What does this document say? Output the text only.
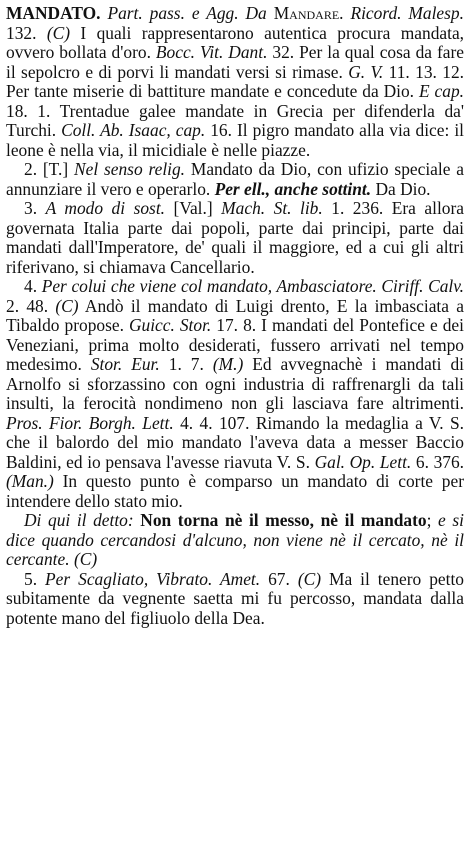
MANDATO. Part. pass. e Agg. Da Mandare. Ricord. Malesp. 132. (C) I quali rappresentarono autentica procura mandata, ovvero bollata d'oro. Bocc. Vit. Dant. 32. Per la qual cosa da fare il sepolcro e di porvi li mandati versi si rimase. G. V. 11. 13. 12. Per tante miserie di battiture mandate e concedute da Dio. E cap. 18. 1. Trentadue galee mandate in Grecia per difenderla da' Turchi. Coll. Ab. Isaac, cap. 16. Il pigro mandato alla via dice: il leone è nella via, il micidiale è nelle piazze.

2. [T.] Nel senso relig. Mandato da Dio, con ufizio speciale a annunziare il vero e operarlo. Per ell., anche sottint. Da Dio.

3. A modo di sost. [Val.] Mach. St. lib. 1. 236. Era allora governata Italia parte dai popoli, parte dai principi, parte dai mandati dall'Imperatore, de' quali il maggiore, ed a cui gli altri riferivano, si chiamava Cancellario.

4. Per colui che viene col mandato, Ambasciatore. Ciriff. Calv. 2. 48. (C) Andò il mandato di Luigi drento, E la imbasciata a Tibaldo propose. Guicc. Stor. 17. 8. I mandati del Pontefice e dei Veneziani, prima molto desiderati, fussero arrivati nel tempo medesimo. Stor. Eur. 1. 7. (M.) Ed avvegnachè i mandati di Arnolfo si sforzassino con ogni industria di raffrenargli da tali insulti, la ferocità nondimeno non gli lasciava fare altrimenti. Pros. Fior. Borgh. Lett. 4. 4. 107. Rimando la medaglia a V. S. che il balordo del mio mandato l'aveva data a messer Baccio Baldini, ed io pensava l'avesse riavuta V. S. Gal. Op. Lett. 6. 376. (Man.) In questo punto è comparso un mandato di corte per intendere dello stato mio.

Di qui il detto: Non torna nè il messo, nè il mandato; e si dice quando cercandosi d'alcuno, non viene nè il cercato, nè il cercante. (C)

5. Per Scagliato, Vibrato. Amet. 67. (C) Ma il tenero petto subitamente da vegnente saetta mi fu percosso, mandata dalla potente mano del figliuolo della Dea.
